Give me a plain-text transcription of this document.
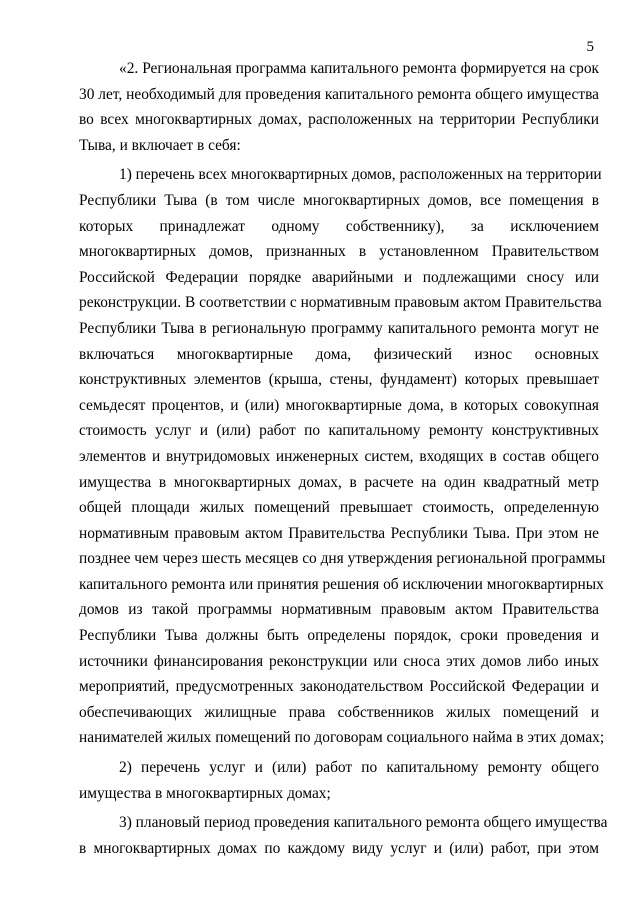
5
«2. Региональная программа капитального ремонта формируется на срок
30 лет, необходимый для проведения капитального ремонта общего имущества
во всех многоквартирных домах, расположенных на территории Республики
Тыва, и включает в себя:
1) перечень всех многоквартирных домов, расположенных на территории
Республики Тыва (в том числе многоквартирных домов, все помещения в
которых принадлежат одному собственнику), за исключением
многоквартирных домов, признанных в установленном Правительством
Российской Федерации порядке аварийными и подлежащими сносу или
реконструкции. В соответствии с нормативным правовым актом Правительства
Республики Тыва в региональную программу капитального ремонта могут не
включаться многоквартирные дома, физический износ основных
конструктивных элементов (крыша, стены, фундамент) которых превышает
семьдесят процентов, и (или) многоквартирные дома, в которых совокупная
стоимость услуг и (или) работ по капитальному ремонту конструктивных
элементов и внутридомовых инженерных систем, входящих в состав общего
имущества в многоквартирных домах, в расчете на один квадратный метр
общей площади жилых помещений превышает стоимость, определенную
нормативным правовым актом Правительства Республики Тыва. При этом не
позднее чем через шесть месяцев со дня утверждения региональной программы
капитального ремонта или принятия решения об исключении многоквартирных
домов из такой программы нормативным правовым актом Правительства
Республики Тыва должны быть определены порядок, сроки проведения и
источники финансирования реконструкции или сноса этих домов либо иных
мероприятий, предусмотренных законодательством Российской Федерации и
обеспечивающих жилищные права собственников жилых помещений и
нанимателей жилых помещений по договорам социального найма в этих домах;
2) перечень услуг и (или) работ по капитальному ремонту общего
имущества в многоквартирных домах;
3) плановый период проведения капитального ремонта общего имущества
в многоквартирных домах по каждому виду услуг и (или) работ, при этом
